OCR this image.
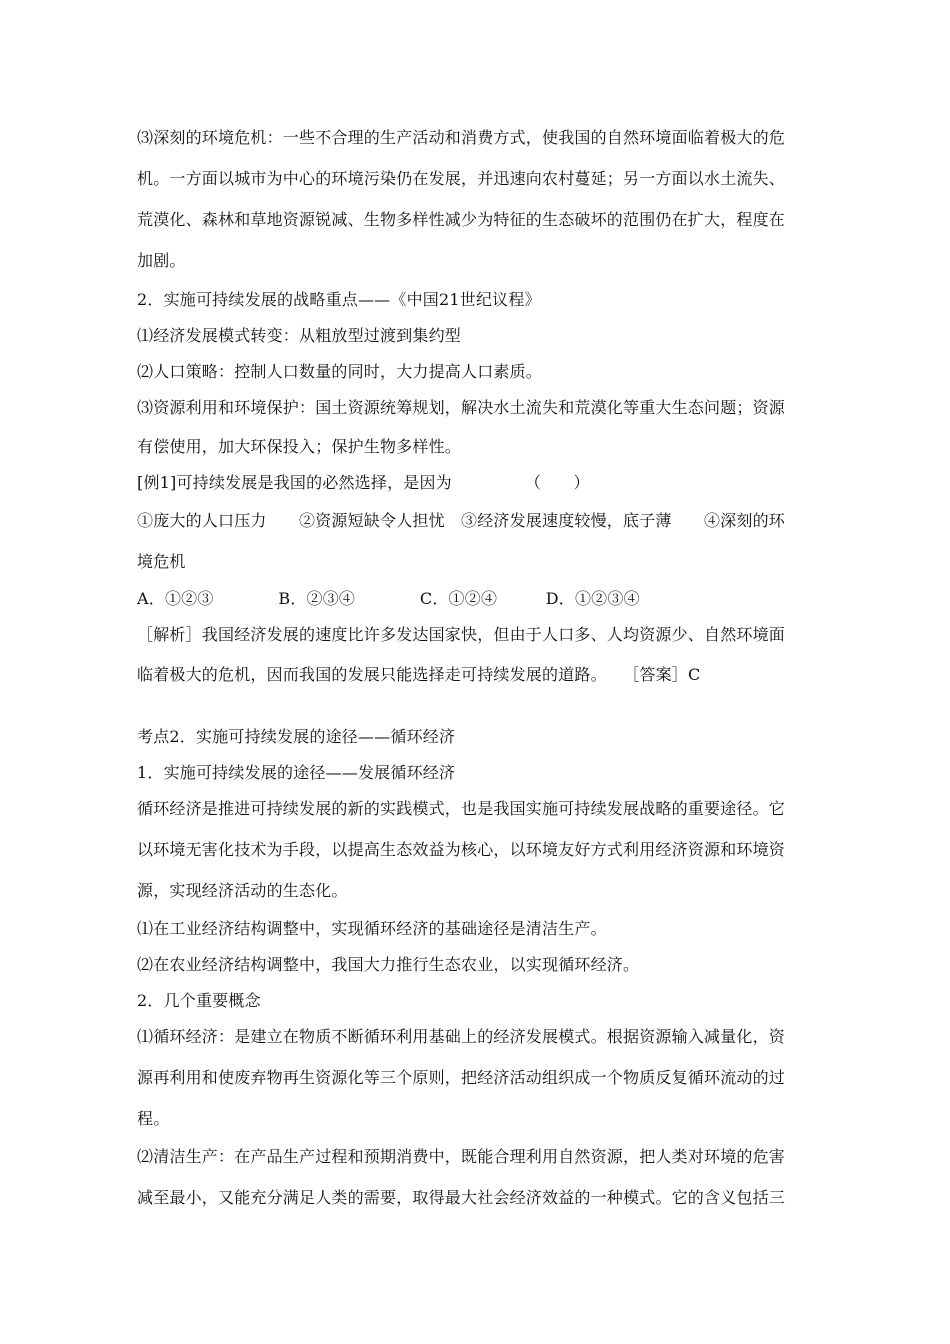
⑶深刻的环境危机：一些不合理的生产活动和消费方式，使我国的自然环境面临着极大的危
机。一方面以城市为中心的环境污染仍在发展，并迅速向农村蔓延；另一方面以水土流失、
荒漠化、森林和草地资源锐减、生物多样性减少为特征的生态破坏的范围仍在扩大，程度在
加剧。
2．实施可持续发展的战略重点——《中国21世纪议程》
⑴经济发展模式转变：从粗放型过渡到集约型
⑵人口策略：控制人口数量的同时，大力提高人口素质。
⑶资源利用和环境保护：国土资源统筹规划，解决水土流失和荒漠化等重大生态问题；资源
有偿使用，加大环保投入；保护生物多样性。
[例1]可持续发展是我国的必然选择，是因为　　　　　（　　）
①庞大的人口压力　　②资源短缺令人担忧　③经济发展速度较慢，底子薄　　④深刻的环
境危机
A．①②③　　　　B．②③④　　　　C．①②④　　　D．①②③④
［解析］我国经济发展的速度比许多发达国家快，但由于人口多、人均资源少、自然环境面
临着极大的危机，因而我国的发展只能选择走可持续发展的道路。　　［答案］C
考点2．实施可持续发展的途径——循环经济
1．实施可持续发展的途径——发展循环经济
循环经济是推进可持续发展的新的实践模式，也是我国实施可持续发展战略的重要途径。它
以环境无害化技术为手段，以提高生态效益为核心，以环境友好方式利用经济资源和环境资
源，实现经济活动的生态化。
⑴在工业经济结构调整中，实现循环经济的基础途径是清洁生产。
⑵在农业经济结构调整中，我国大力推行生态农业，以实现循环经济。
2．几个重要概念
⑴循环经济：是建立在物质不断循环利用基础上的经济发展模式。根据资源输入减量化，资
源再利用和使废弃物再生资源化等三个原则，把经济活动组织成一个物质反复循环流动的过
程。
⑵清洁生产：在产品生产过程和预期消费中，既能合理利用自然资源，把人类对环境的危害
减至最小，又能充分满足人类的需要，取得最大社会经济效益的一种模式。它的含义包括三
